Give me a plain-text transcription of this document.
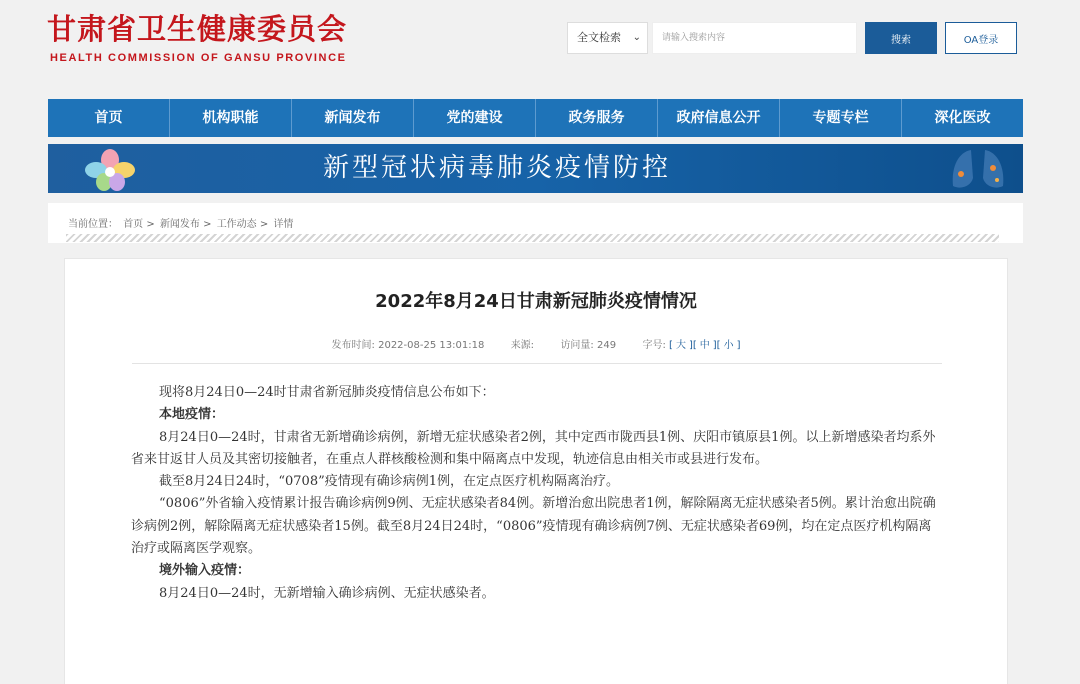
甘肃省卫生健康委员会
HEALTH COMMISSION OF GANSU PROVINCE
全文检索 ⌄
请输入搜索内容	搜索	OA登录
首页	机构职能	新闻发布	党的建设	政务服务	政府信息公开	专题专栏	深化医改
新型冠状病毒肺炎疫情防控
当前位置： 首页 > 新闻发布 > 工作动态 > 详情
2022年8月24日甘肃新冠肺炎疫情情况
发布时间: 2022-08-25 13:01:18	来源:	访问量: 249	字号: [ 大 ][ 中 ][ 小 ]

现将8月24日0—24时甘肃省新冠肺炎疫情信息公布如下：

本地疫情：

8月24日0—24时，甘肃省无新增确诊病例，新增无症状感染者2例，其中定西市陇西县1例、庆阳市镇原县1例。以上新增感染者均系外省来甘返甘人员及其密切接触者，在重点人群核酸检测和集中隔离点中发现，轨迹信息由相关市或县进行发布。

截至8月24日24时，“0708”疫情现有确诊病例1例，在定点医疗机构隔离治疗。

“0806”外省输入疫情累计报告确诊病例9例、无症状感染者84例。新增治愈出院患者1例，解除隔离无症状感染者5例。累计治愈出院确诊病例2例，解除隔离无症状感染者15例。截至8月24日24时，“0806”疫情现有确诊病例7例、无症状感染者69例，均在定点医疗机构隔离治疗或隔离医学观察。

境外输入疫情：

8月24日0—24时，无新增输入确诊病例、无症状感染者。
